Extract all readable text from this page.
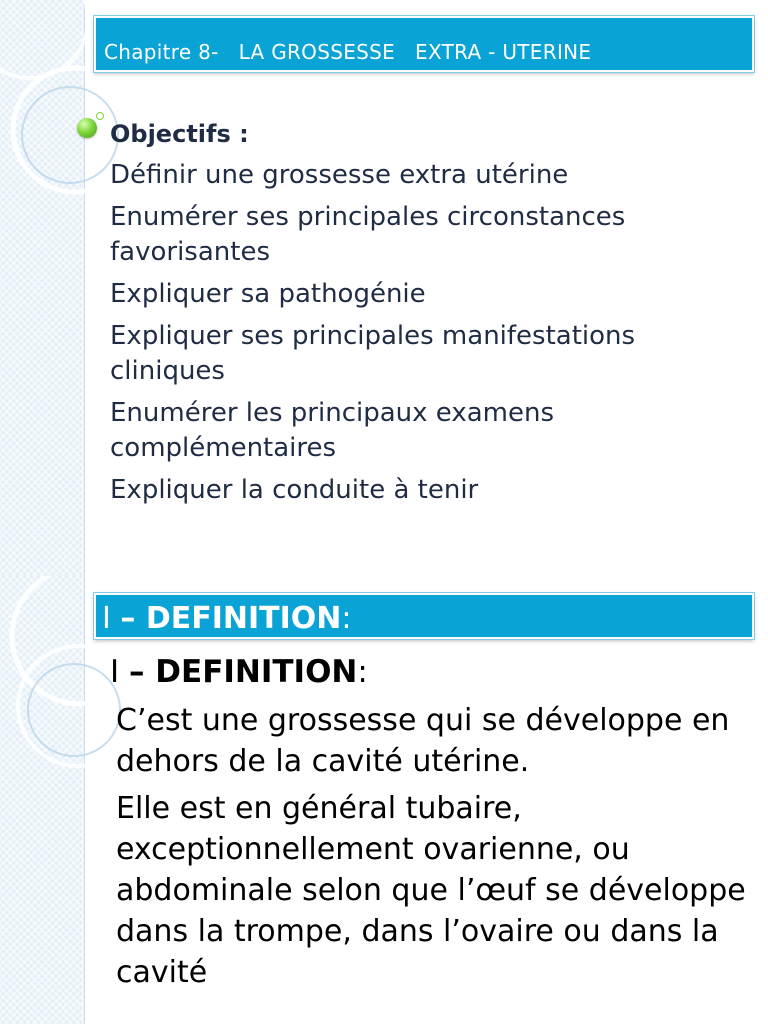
Chapitre 8-   LA GROSSESSE   EXTRA - UTERINE
Objectifs :
Définir une grossesse extra utérine
Enumérer ses principales circonstances favorisantes
Expliquer sa pathogénie
Expliquer ses principales manifestations cliniques
Enumérer les principaux examens complémentaires
Expliquer la conduite à tenir
I – DEFINITION:
I – DEFINITION:
C’est une grossesse qui se développe en dehors de la cavité utérine.
Elle est en général tubaire, exceptionnellement ovarienne, ou abdominale selon que l’œuf se développe dans la trompe, dans l’ovaire ou dans la cavité
